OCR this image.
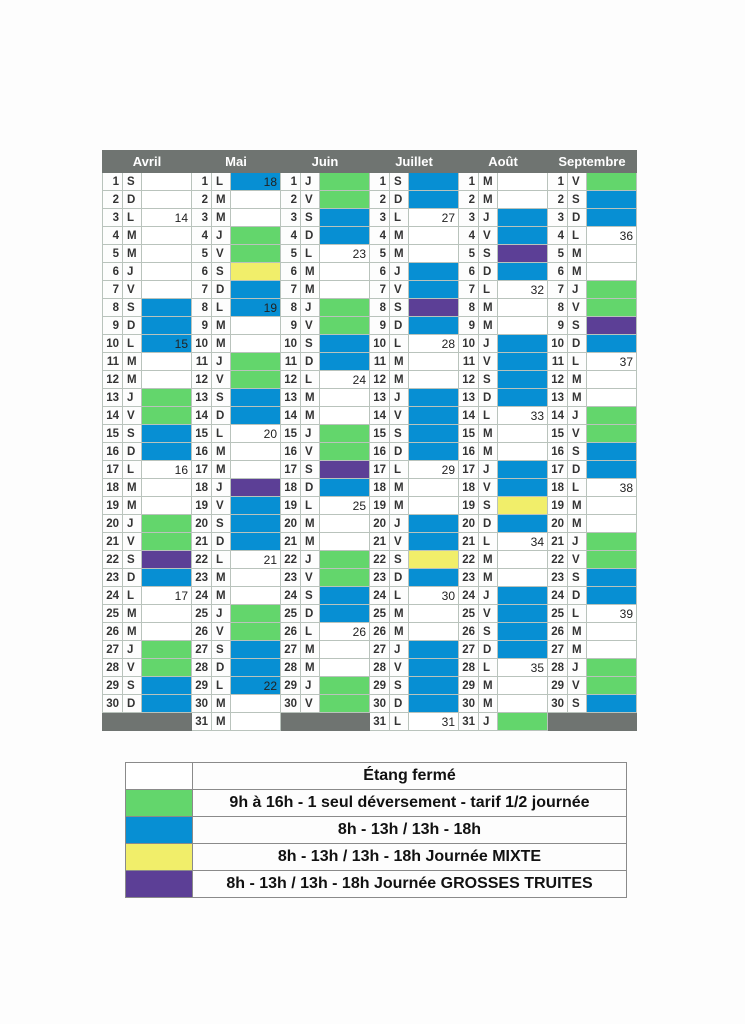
Avril			Mai			Juin			Juillet			Août			Septembre		
1	S		1	L	18	1	J		1	S		1	M		1	V	
2	D		2	M		2	V		2	D		2	M		2	S	
3	L	14	3	M		3	S		3	L	27	3	J		3	D	
4	M		4	J		4	D		4	M		4	V		4	L	36
5	M		5	V		5	L	23	5	M		5	S		5	M	
6	J		6	S		6	M		6	J		6	D		6	M	
7	V		7	D		7	M		7	V		7	L	32	7	J	
8	S		8	L	19	8	J		8	S		8	M		8	V	
9	D		9	M		9	V		9	D		9	M		9	S	
10	L	15	10	M		10	S		10	L	28	10	J		10	D	
11	M		11	J		11	D		11	M		11	V		11	L	37
12	M		12	V		12	L	24	12	M		12	S		12	M	
13	J		13	S		13	M		13	J		13	D		13	M	
14	V		14	D		14	M		14	V		14	L	33	14	J	
15	S		15	L	20	15	J		15	S		15	M		15	V	
16	D		16	M		16	V		16	D		16	M		16	S	
17	L	16	17	M		17	S		17	L	29	17	J		17	D	
18	M		18	J		18	D		18	M		18	V		18	L	38
19	M		19	V		19	L	25	19	M		19	S		19	M	
20	J		20	S		20	M		20	J		20	D		20	M	
21	V		21	D		21	M		21	V		21	L	34	21	J	
22	S		22	L	21	22	J		22	S		22	M		22	V	
23	D		23	M		23	V		23	D		23	M		23	S	
24	L	17	24	M		24	S		24	L	30	24	J		24	D	
25	M		25	J		25	D		25	M		25	V		25	L	39
26	M		26	V		26	L	26	26	M		26	S		26	M	
27	J		27	S		27	M		27	J		27	D		27	M	
28	V		28	D		28	M		28	V		28	L	35	28	J	
29	S		29	L	22	29	J		29	S		29	M		29	V	
30	D		30	M		30	V		30	D		30	M		30	S	
			31	M					31	L	31	31	J				
	Étang fermé
	9h à 16h - 1 seul déversement - tarif 1/2 journée
	8h - 13h / 13h - 18h
	8h - 13h / 13h - 18h Journée MIXTE
	8h - 13h / 13h - 18h Journée GROSSES TRUITES
